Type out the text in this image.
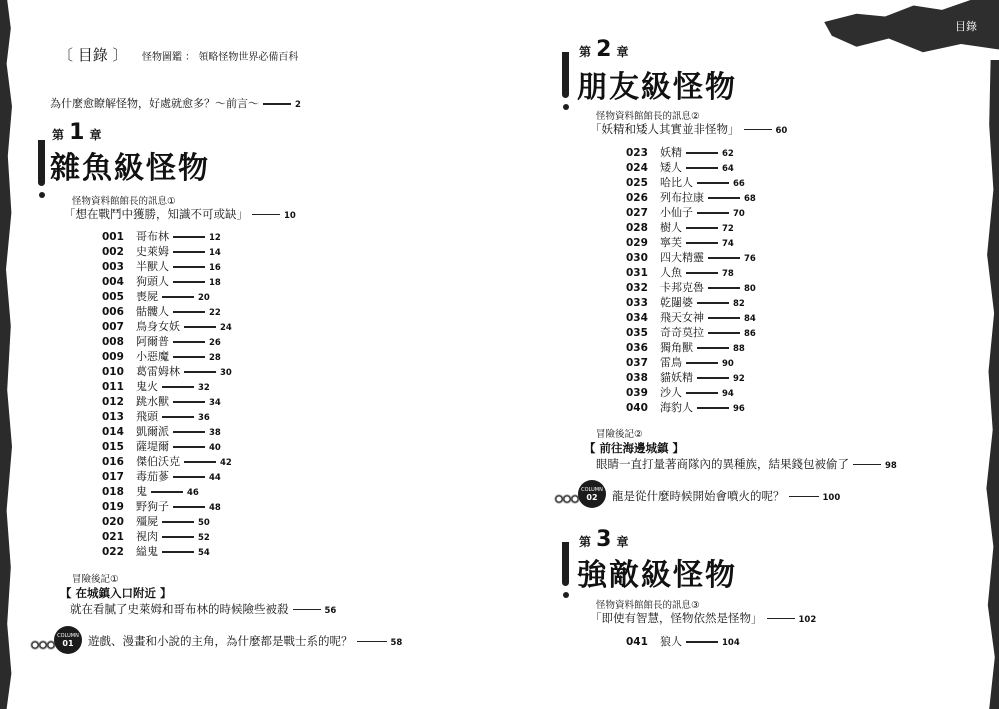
目錄
〔 目錄 〕 怪物圖鑑 ： 領略怪物世界必備百科
為什麼愈瞭解怪物，好處就愈多？～前言～	2
第 1 章
雜魚級怪物
怪物資料館館長的訊息①
「想在戰鬥中獲勝，知識不可或缺」	10
001 哥布林	12
002 史萊姆	14
003 半獸人	16
004 狗頭人	18
005 喪屍	20
006 骷髏人	22
007 鳥身女妖	24
008 阿爾普	26
009 小惡魔	28
010 葛雷姆林	30
011 鬼火	32
012 跳水獸	34
013 飛頭	36
014 凱爾派	38
015 薩堤爾	40
016 傑伯沃克	42
017 毒茄蔘	44
018 鬼	46
019 野狗子	48
020 殭屍	50
021 視肉	52
022 縊鬼	54
冒險後記①
【 在城鎮入口附近 】
就在看膩了史萊姆和哥布林的時候險些被殺	56
COLUMN
01	遊戲、漫畫和小說的主角，為什麼都是戰士系的呢？	58
第 2 章
朋友級怪物
怪物資料館館長的訊息②
「妖精和矮人其實並非怪物」	60
023 妖精	62
024 矮人	64
025 哈比人	66
026 列布拉康	68
027 小仙子	70
028 樹人	72
029 寧芙	74
030 四大精靈	76
031 人魚	78
032 卡邦克魯	80
033 乾闥婆	82
034 飛天女神	84
035 奇奇莫拉	86
036 獨角獸	88
037 雷鳥	90
038 貓妖精	92
039 沙人	94
040 海豹人	96
冒險後記②
【 前往海邊城鎮 】
眼睛一直打量著商隊內的異種族，結果錢包被偷了	98
COLUMN
02	龍是從什麼時候開始會噴火的呢？	100
第 3 章
強敵級怪物
怪物資料館館長的訊息③
「即使有智慧，怪物依然是怪物」	102
041 狼人	104
